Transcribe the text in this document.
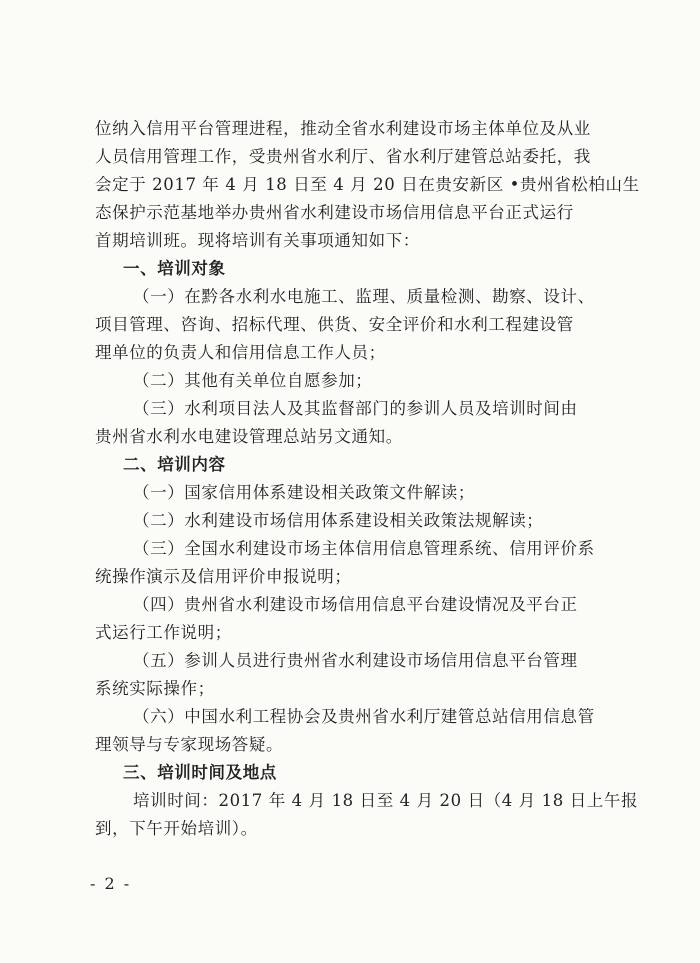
位纳入信用平台管理进程，推动全省水利建设市场主体单位及从业
人员信用管理工作，受贵州省水利厅、省水利厅建管总站委托，我
会定于 2017 年 4 月 18 日至 4 月 20 日在贵安新区 •贵州省松柏山生
态保护示范基地举办贵州省水利建设市场信用信息平台正式运行
首期培训班。现将培训有关事项通知如下：
一、培训对象
（一）在黔各水利水电施工、监理、质量检测、勘察、设计、
项目管理、咨询、招标代理、供货、安全评价和水利工程建设管
理单位的负责人和信用信息工作人员；
（二）其他有关单位自愿参加；
（三）水利项目法人及其监督部门的参训人员及培训时间由
贵州省水利水电建设管理总站另文通知。
二、培训内容
（一）国家信用体系建设相关政策文件解读；
（二）水利建设市场信用体系建设相关政策法规解读；
（三）全国水利建设市场主体信用信息管理系统、信用评价系
统操作演示及信用评价申报说明；
（四）贵州省水利建设市场信用信息平台建设情况及平台正
式运行工作说明；
（五）参训人员进行贵州省水利建设市场信用信息平台管理
系统实际操作；
（六）中国水利工程协会及贵州省水利厅建管总站信用信息管
理领导与专家现场答疑。
三、培训时间及地点
培训时间：2017 年 4 月 18 日至 4 月 20 日（4 月 18 日上午报
到，下午开始培训）。
- 2 -
